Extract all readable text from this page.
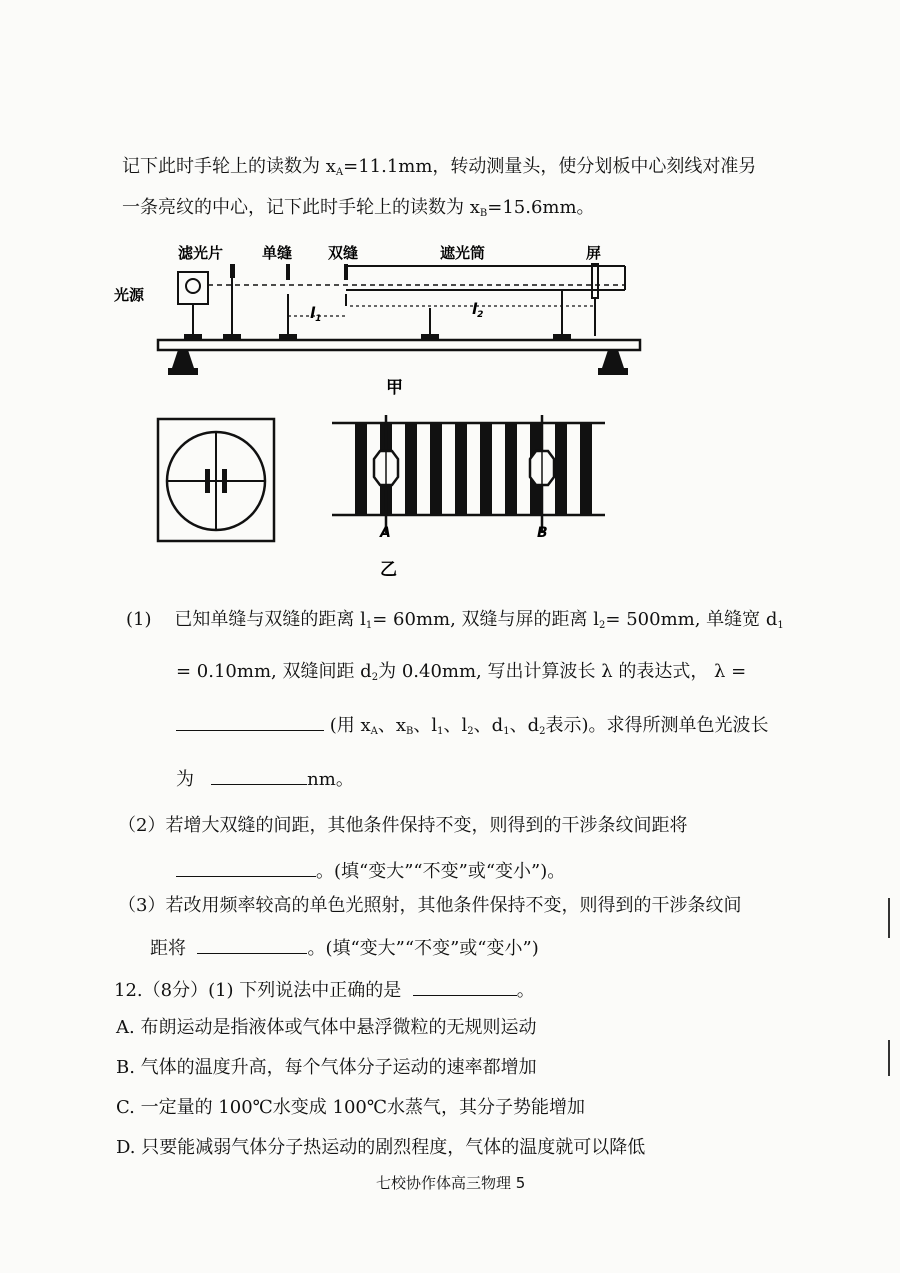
记下此时手轮上的读数为 $x_A=11.1mm$，转动测量头，使分划板中心刻线对准另
一条亮纹的中心，记下此时手轮上的读数为 $x_B=15.6mm$。
滤光片	单缝 双缝	遮光筒	屏
光源
$l_1$
$l_2$
甲
A	B
乙
(1) 已知单缝与双缝的距离 $l_1= 60mm$, 双缝与屏的距离 $l_2= 500mm$, 单缝宽 $d_1$
= 0.10mm, 双缝间距 $d_2$为 0.40mm, 写出计算波长 λ 的表达式， λ =
(用 $x_A$、$x_B$、$l_1$、$l_2$、$d_1$、$d_2$表示)。求得所测单色光波长
为	nm。
（2）若增大双缝的间距，其他条件保持不变，则得到的干涉条纹间距将
。(填“变大”“不变”或“变小”)。
（3）若改用频率较高的单色光照射，其他条件保持不变，则得到的干涉条纹间
距将	。(填“变大”“不变”或“变小”)
12.（8分）(1) 下列说法中正确的是	。
A. 布朗运动是指液体或气体中悬浮微粒的无规则运动
B. 气体的温度升高，每个气体分子运动的速率都增加
C. 一定量的 100℃水变成 100℃水蒸气，其分子势能增加
D. 只要能减弱气体分子热运动的剧烈程度，气体的温度就可以降低
七校协作体高三物理 5
